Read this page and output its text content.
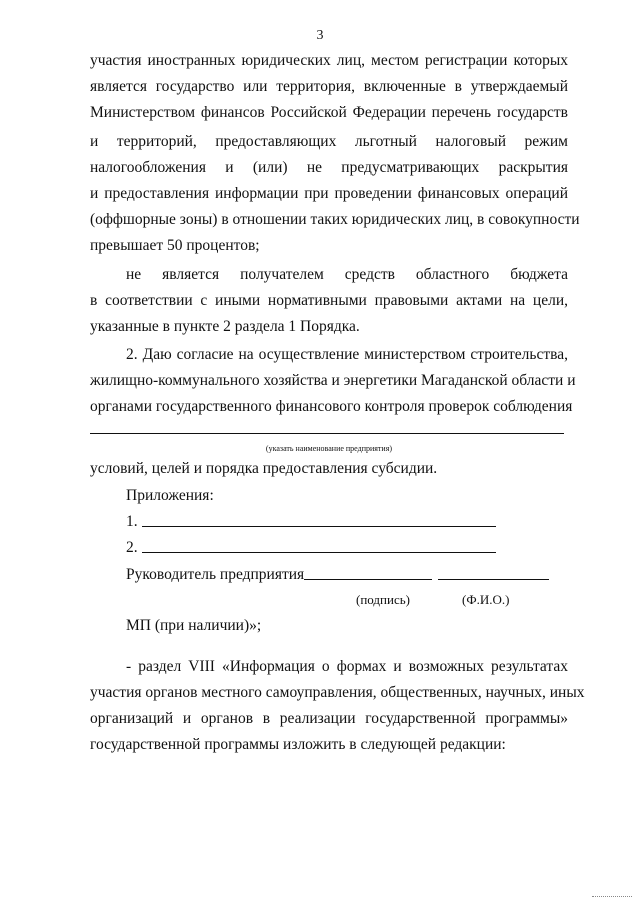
3
участия иностранных юридических лиц, местом регистрации которых
является государство или территория, включенные в утверждаемый
Министерством финансов Российской Федерации перечень государств
и территорий, предоставляющих льготный налоговый режим
налогообложения и (или) не предусматривающих раскрытия
и предоставления информации при проведении финансовых операций
(оффшорные зоны) в отношении таких юридических лиц, в совокупности
превышает 50 процентов;
не является получателем средств областного бюджета
в соответствии с иными нормативными правовыми актами на цели,
указанные в пункте 2 раздела 1 Порядка.
2. Даю согласие на осуществление министерством строительства,
жилищно-коммунального хозяйства и энергетики Магаданской области и
органами государственного финансового контроля проверок соблюдения
(указать наименование предприятия)
условий, целей и порядка предоставления субсидии.
Приложения:
1.
2.
Руководитель предприятия
(подпись)	(Ф.И.О.)
МП (при наличии)»;
- раздел VIII «Информация о формах и возможных результатах
участия органов местного самоуправления, общественных, научных, иных
организаций и органов в реализации государственной программы»
государственной программы изложить в следующей редакции:
